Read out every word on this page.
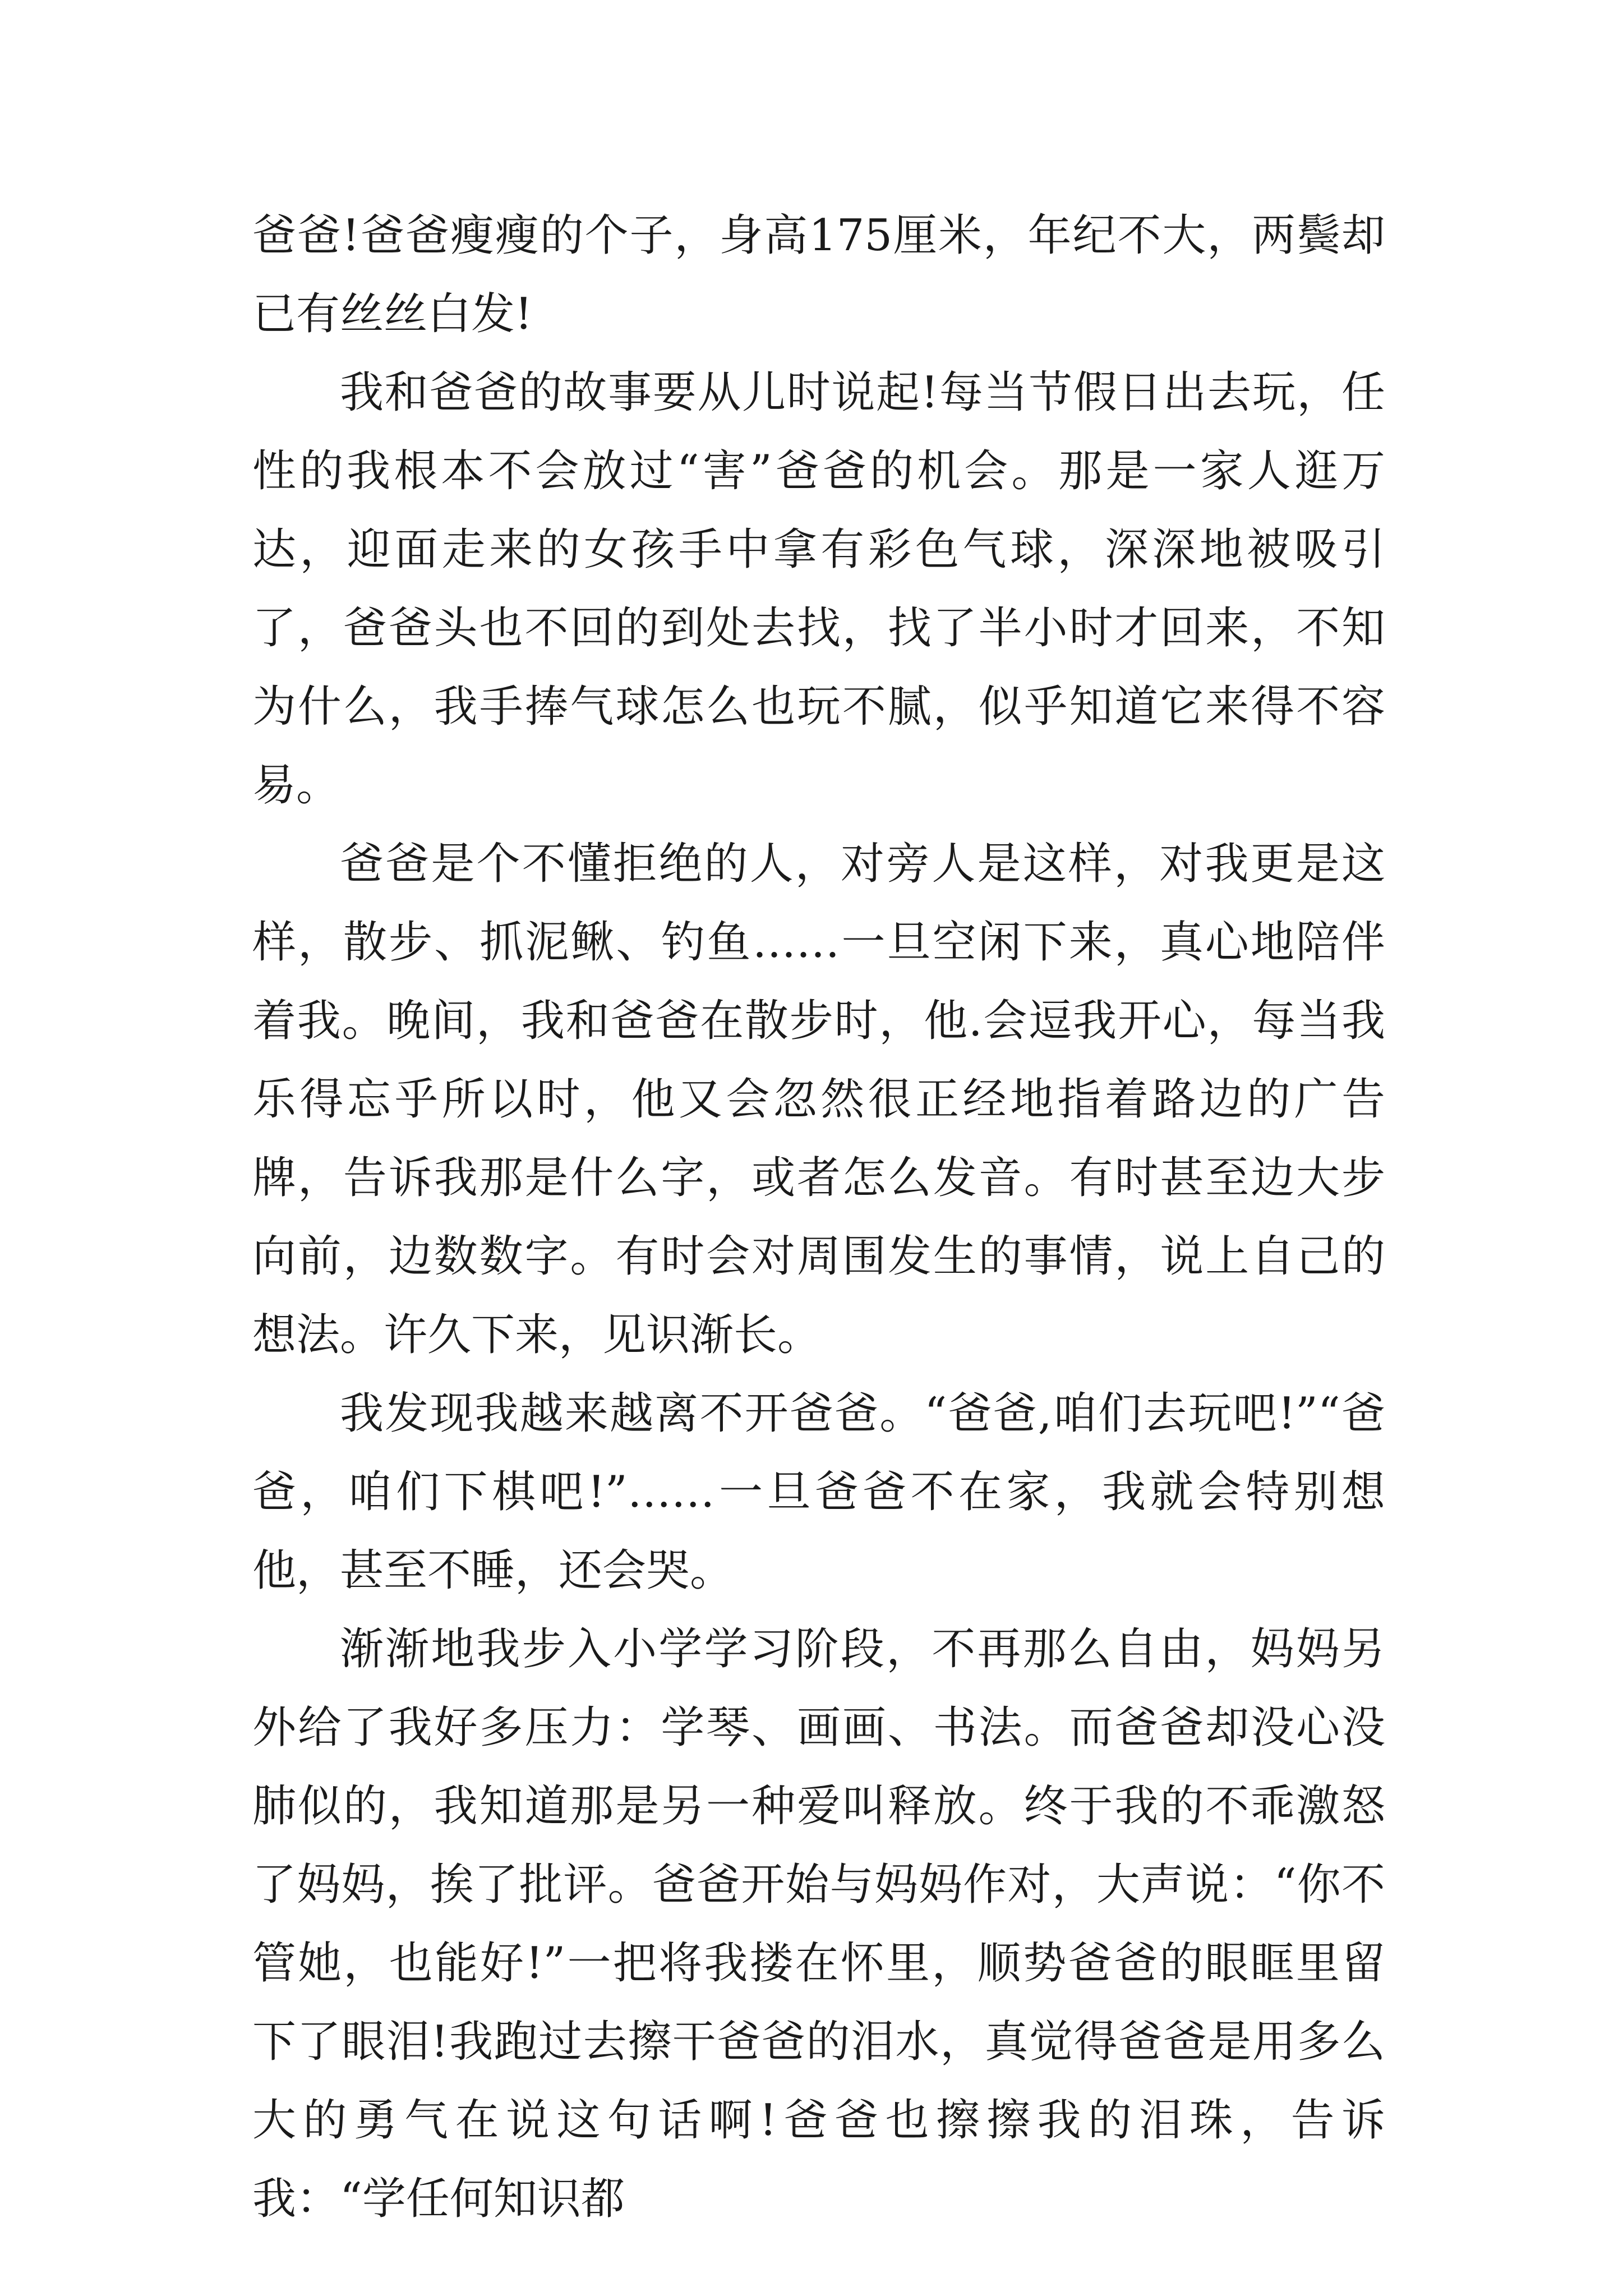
爸爸!爸爸瘦瘦的个子，身高175厘米，年纪不大，两鬓却已有丝丝白发!

我和爸爸的故事要从儿时说起!每当节假日出去玩，任性的我根本不会放过“害”爸爸的机会。那是一家人逛万达，迎面走来的女孩手中拿有彩色气球，深深地被吸引了，爸爸头也不回的到处去找，找了半小时才回来，不知为什么，我手捧气球怎么也玩不腻，似乎知道它来得不容易。

爸爸是个不懂拒绝的人，对旁人是这样，对我更是这样，散步、抓泥鳅、钓鱼……一旦空闲下来，真心地陪伴着我。晚间，我和爸爸在散步时，他.会逗我开心，每当我乐得忘乎所以时，他又会忽然很正经地指着路边的广告牌，告诉我那是什么字，或者怎么发音。有时甚至边大步向前，边数数字。有时会对周围发生的事情，说上自己的想法。许久下来，见识渐长。

我发现我越来越离不开爸爸。“爸爸,咱们去玩吧!”“爸爸，咱们下棋吧!”……一旦爸爸不在家，我就会特别想他，甚至不睡，还会哭。

渐渐地我步入小学学习阶段，不再那么自由，妈妈另外给了我好多压力：学琴、画画、书法。而爸爸却没心没肺似的，我知道那是另一种爱叫释放。终于我的不乖激怒了妈妈，挨了批评。爸爸开始与妈妈作对，大声说：“你不管她，也能好!”一把将我搂在怀里，顺势爸爸的眼眶里留下了眼泪!我跑过去擦干爸爸的泪水，真觉得爸爸是用多么大的勇气在说这句话啊!爸爸也擦擦我的泪珠，告诉我：“学任何知识都
